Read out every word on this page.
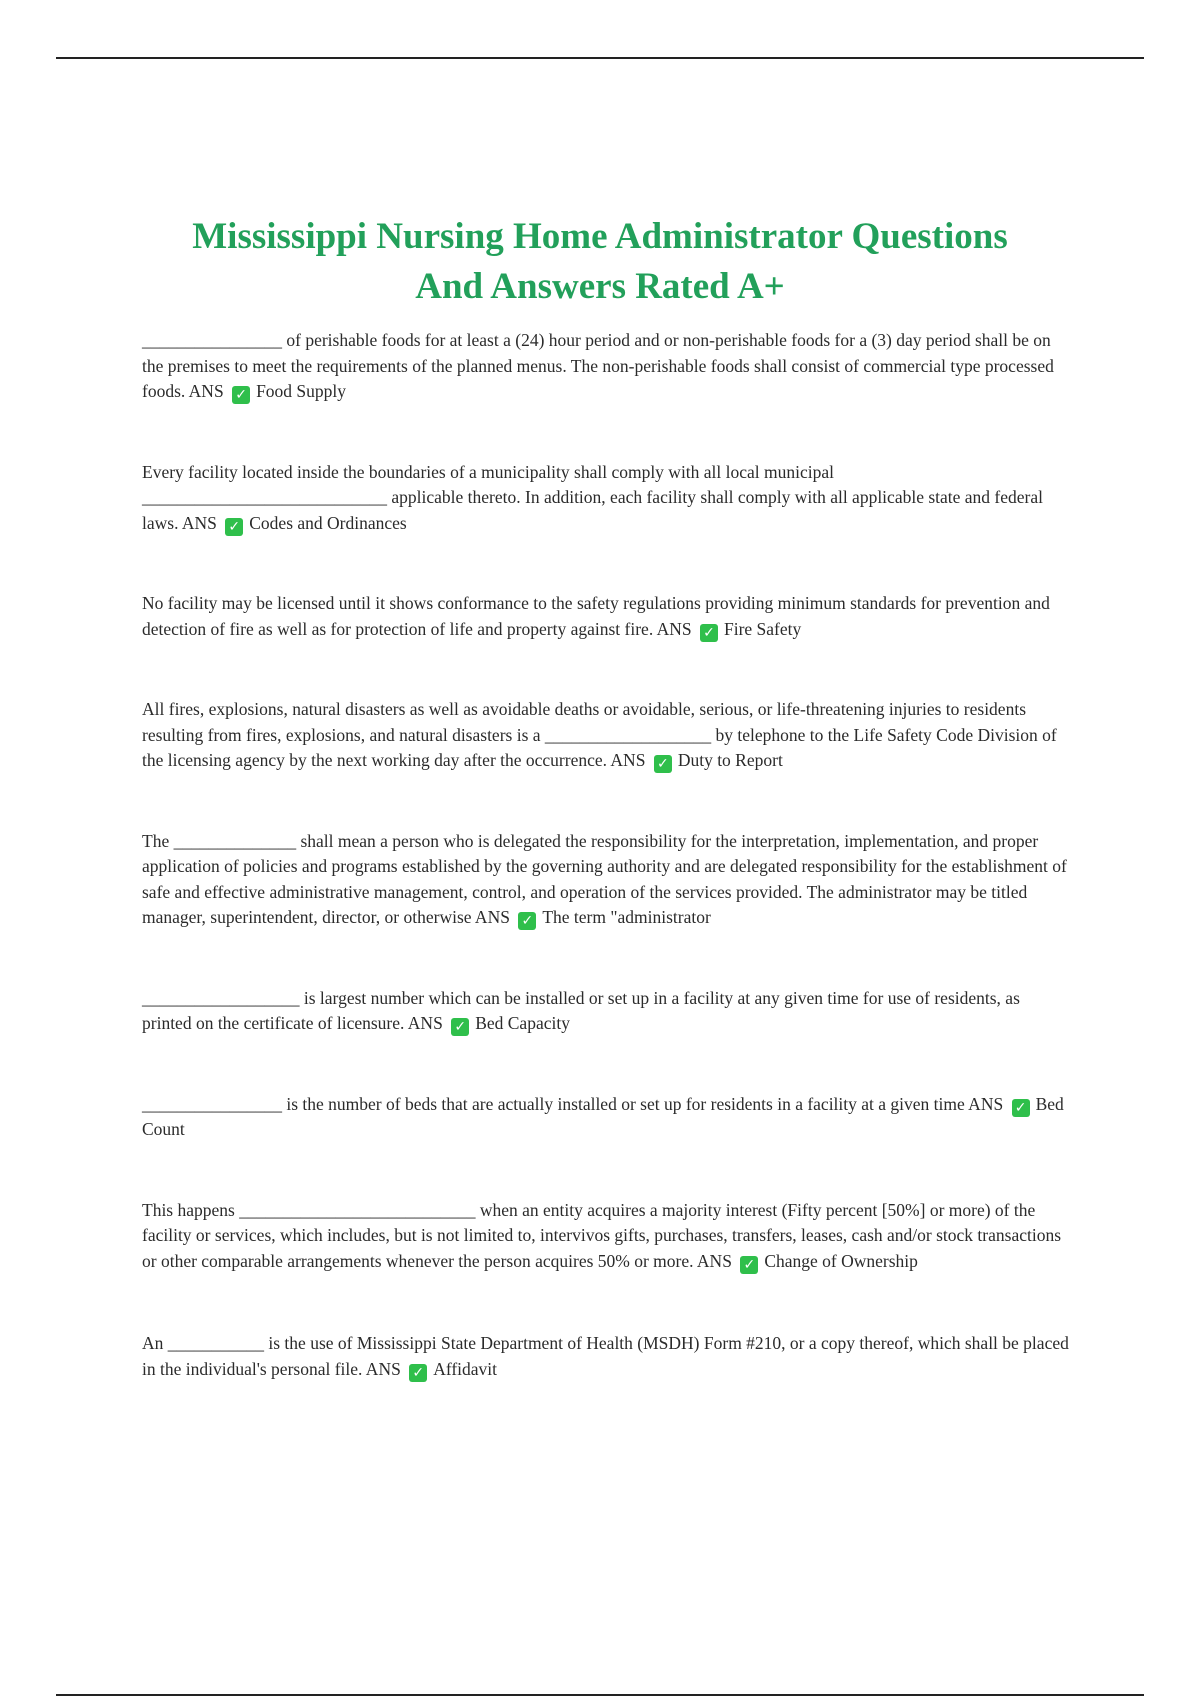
Mississippi Nursing Home Administrator Questions
And Answers Rated A+

________________ of perishable foods for at least a (24) hour period and or non-perishable foods for a (3) day period shall be on the premises to meet the requirements of the planned menus. The non-perishable foods shall consist of commercial type processed foods. ANS ✓ Food Supply

Every facility located inside the boundaries of a municipality shall comply with all local municipal ____________________________ applicable thereto. In addition, each facility shall comply with all applicable state and federal laws. ANS ✓ Codes and Ordinances

No facility may be licensed until it shows conformance to the safety regulations providing minimum standards for prevention and detection of fire as well as for protection of life and property against fire. ANS ✓ Fire Safety

All fires, explosions, natural disasters as well as avoidable deaths or avoidable, serious, or life-threatening injuries to residents resulting from fires, explosions, and natural disasters is a ___________________ by telephone to the Life Safety Code Division of the licensing agency by the next working day after the occurrence. ANS ✓ Duty to Report

The ______________ shall mean a person who is delegated the responsibility for the interpretation, implementation, and proper application of policies and programs established by the governing authority and are delegated responsibility for the establishment of safe and effective administrative management, control, and operation of the services provided. The administrator may be titled manager, superintendent, director, or otherwise ANS ✓ The term "administrator

__________________ is largest number which can be installed or set up in a facility at any given time for use of residents, as printed on the certificate of licensure. ANS ✓ Bed Capacity

________________ is the number of beds that are actually installed or set up for residents in a facility at a given time ANS ✓ Bed Count

This happens ___________________________ when an entity acquires a majority interest (Fifty percent [50%] or more) of the facility or services, which includes, but is not limited to, intervivos gifts, purchases, transfers, leases, cash and/or stock transactions or other comparable arrangements whenever the person acquires 50% or more. ANS ✓ Change of Ownership

An ___________ is the use of Mississippi State Department of Health (MSDH) Form #210, or a copy thereof, which shall be placed in the individual's personal file. ANS ✓ Affidavit
